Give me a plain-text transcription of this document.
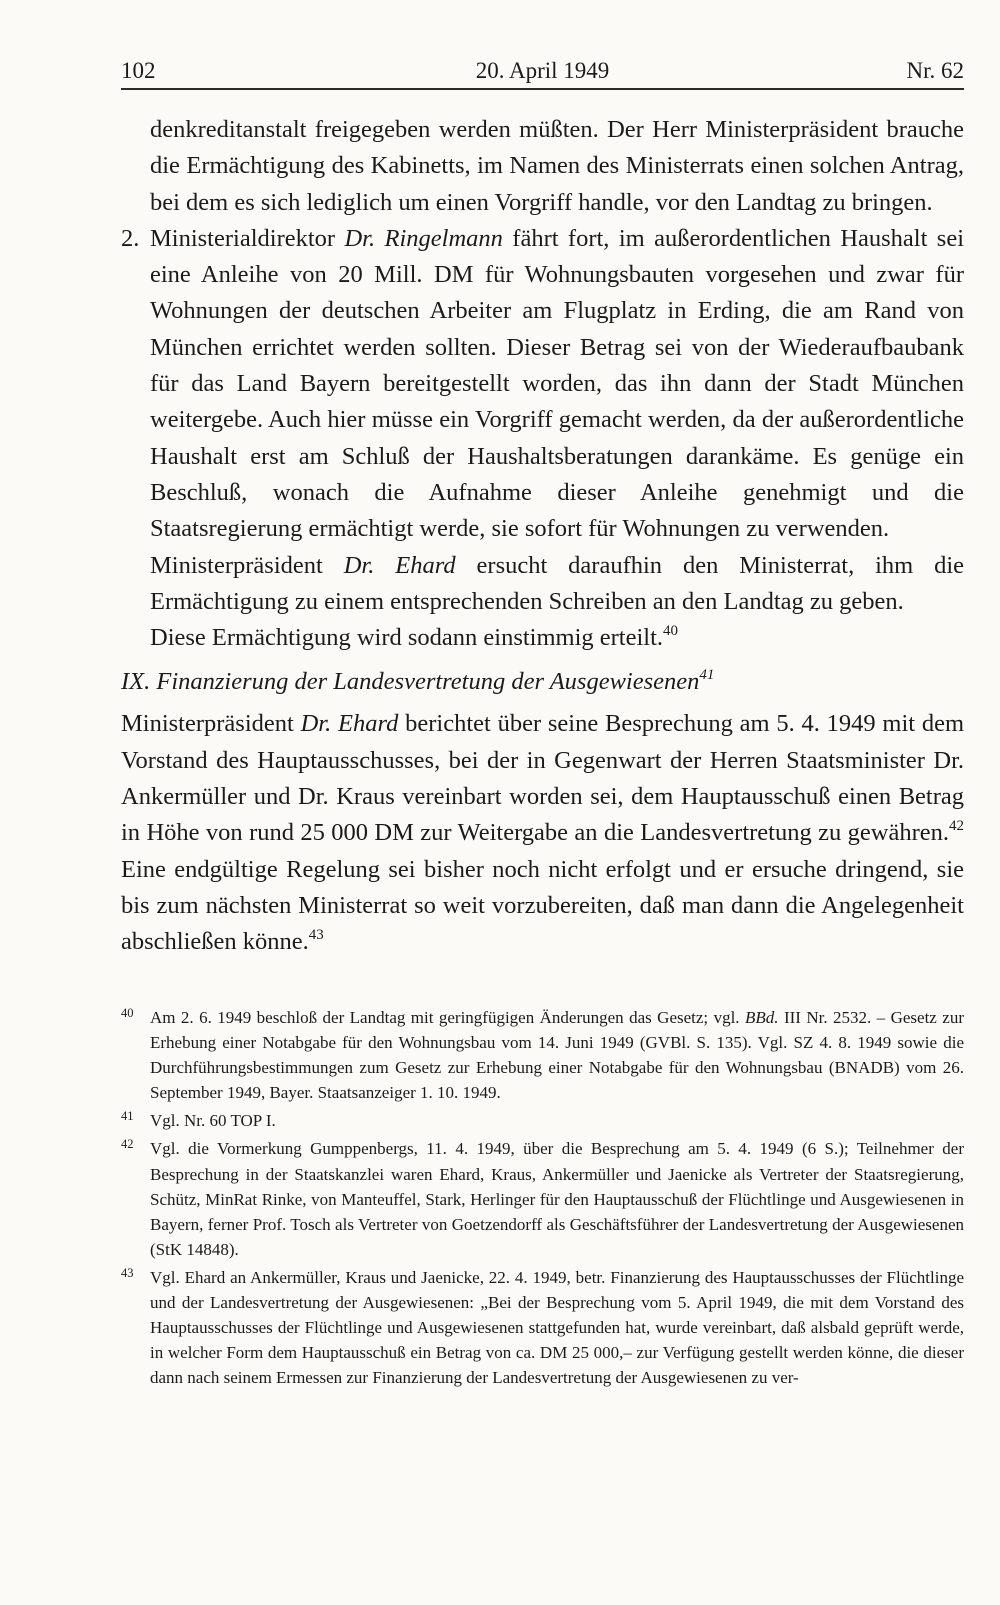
20. April 1949
102	Nr. 62

denkreditanstalt freigegeben werden müßten. Der Herr Ministerpräsident brauche die Ermächtigung des Kabinetts, im Namen des Ministerrats einen solchen Antrag, bei dem es sich lediglich um einen Vorgriff handle, vor den Landtag zu bringen.

2. Ministerialdirektor Dr. Ringelmann fährt fort, im außerordentlichen Haushalt sei eine Anleihe von 20 Mill. DM für Wohnungsbauten vorgesehen und zwar für Wohnungen der deutschen Arbeiter am Flugplatz in Erding, die am Rand von München errichtet werden sollten. Dieser Betrag sei von der Wiederaufbaubank für das Land Bayern bereitgestellt worden, das ihn dann der Stadt München weitergebe. Auch hier müsse ein Vorgriff gemacht werden, da der außerordentliche Haushalt erst am Schluß der Haushaltsberatungen darankäme. Es genüge ein Beschluß, wonach die Aufnahme dieser Anleihe genehmigt und die Staatsregierung ermächtigt werde, sie sofort für Wohnungen zu verwenden.

Ministerpräsident Dr. Ehard ersucht daraufhin den Ministerrat, ihm die Ermächtigung zu einem entsprechenden Schreiben an den Landtag zu geben.

Diese Ermächtigung wird sodann einstimmig erteilt.$^{40}$

IX. Finanzierung der Landesvertretung der Ausgewiesenen$^{41}$

Ministerpräsident Dr. Ehard berichtet über seine Besprechung am 5. 4. 1949 mit dem Vorstand des Hauptausschusses, bei der in Gegenwart der Herren Staatsminister Dr. Ankermüller und Dr. Kraus vereinbart worden sei, dem Hauptausschuß einen Betrag in Höhe von rund 25 000 DM zur Weitergabe an die Landesvertretung zu gewähren.$^{42}$ Eine endgültige Regelung sei bisher noch nicht erfolgt und er ersuche dringend, sie bis zum nächsten Ministerrat so weit vorzubereiten, daß man dann die Angelegenheit abschließen könne.$^{43}$

40 Am 2. 6. 1949 beschloß der Landtag mit geringfügigen Änderungen das Gesetz; vgl. BBd. III Nr. 2532. – Gesetz zur Erhebung einer Notabgabe für den Wohnungsbau vom 14. Juni 1949 (GVBl. S. 135). Vgl. SZ 4. 8. 1949 sowie die Durchführungsbestimmungen zum Gesetz zur Erhebung einer Notabgabe für den Wohnungsbau (BNADB) vom 26. September 1949, Bayer. Staatsanzeiger 1. 10. 1949.

41 Vgl. Nr. 60 TOP I.

42 Vgl. die Vormerkung Gumppenbergs, 11. 4. 1949, über die Besprechung am 5. 4. 1949 (6 S.); Teilnehmer der Besprechung in der Staatskanzlei waren Ehard, Kraus, Ankermüller und Jaenicke als Vertreter der Staatsregierung, Schütz, MinRat Rinke, von Manteuffel, Stark, Herlinger für den Hauptausschuß der Flüchtlinge und Ausgewiesenen in Bayern, ferner Prof. Tosch als Vertreter von Goetzendorff als Geschäftsführer der Landesvertretung der Ausgewiesenen (StK 14848).

43 Vgl. Ehard an Ankermüller, Kraus und Jaenicke, 22. 4. 1949, betr. Finanzierung des Hauptausschusses der Flüchtlinge und der Landesvertretung der Ausgewiesenen: „Bei der Besprechung vom 5. April 1949, die mit dem Vorstand des Hauptausschusses der Flüchtlinge und Ausgewiesenen stattgefunden hat, wurde vereinbart, daß alsbald geprüft werde, in welcher Form dem Hauptausschuß ein Betrag von ca. DM 25 000,– zur Verfügung gestellt werden könne, die dieser dann nach seinem Ermessen zur Finanzierung der Landesvertretung der Ausgewiesenen zu ver-
